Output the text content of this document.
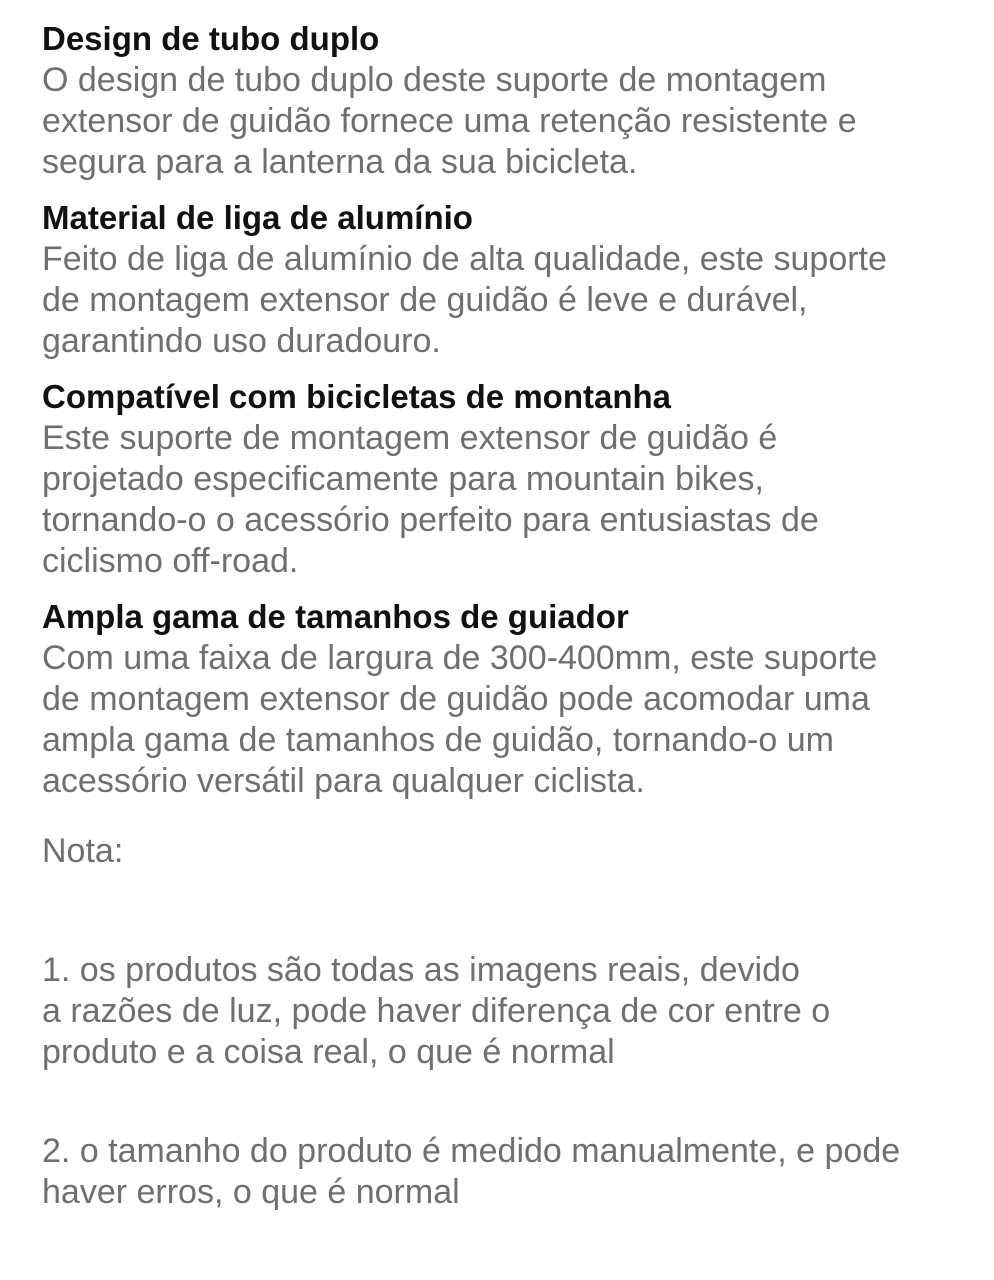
Design de tubo duplo

O design de tubo duplo deste suporte de montagem
extensor de guidão fornece uma retenção resistente e
segura para a lanterna da sua bicicleta.

Material de liga de alumínio

Feito de liga de alumínio de alta qualidade, este suporte
de montagem extensor de guidão é leve e durável,
garantindo uso duradouro.

Compatível com bicicletas de montanha

Este suporte de montagem extensor de guidão é
projetado especificamente para mountain bikes,
tornando-o o acessório perfeito para entusiastas de
ciclismo off-road.

Ampla gama de tamanhos de guiador

Com uma faixa de largura de 300-400mm, este suporte
de montagem extensor de guidão pode acomodar uma
ampla gama de tamanhos de guidão, tornando-o um
acessório versátil para qualquer ciclista.

Nota:
1. os produtos são todas as imagens reais, devido
a razões de luz, pode haver diferença de cor entre o
produto e a coisa real, o que é normal
2. o tamanho do produto é medido manualmente, e pode
haver erros, o que é normal
